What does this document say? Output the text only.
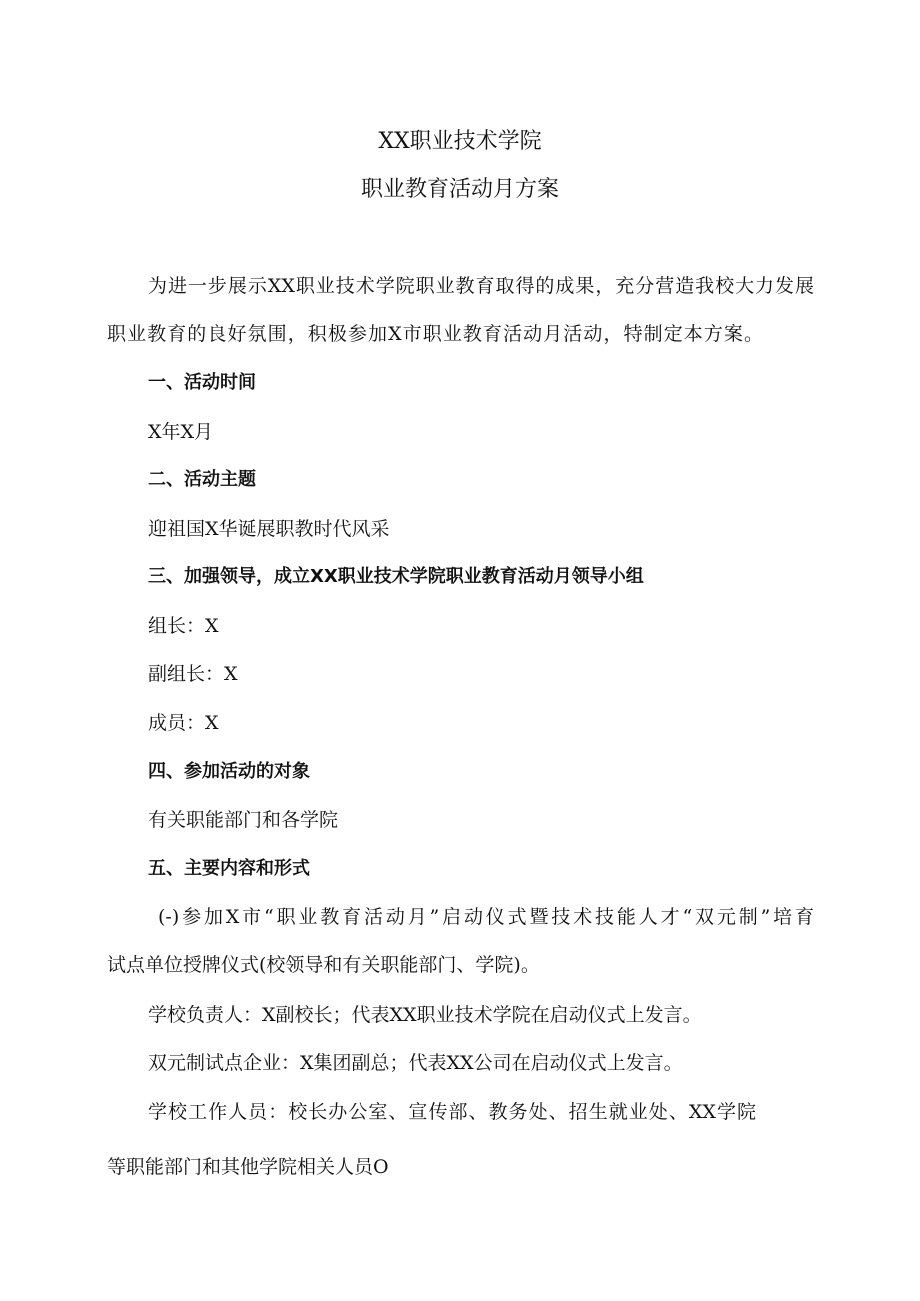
XX职业技术学院
职业教育活动月方案
为进一步展示XX职业技术学院职业教育取得的成果，充分营造我校大力发展
职业教育的良好氛围，积极参加X市职业教育活动月活动，特制定本方案。
一、活动时间
X年X月
二、活动主题
迎祖国X华诞展职教时代风采
三、加强领导，成立XX职业技术学院职业教育活动月领导小组
组长：X
副组长：X
成员：X
四、参加活动的对象
有关职能部门和各学院
五、主要内容和形式
(-)参加X市“职业教育活动月”启动仪式暨技术技能人才“双元制”培育
试点单位授牌仪式(校领导和有关职能部门、学院)。
学校负责人：X副校长；代表XX职业技术学院在启动仪式上发言。
双元制试点企业：X集团副总；代表XX公司在启动仪式上发言。
学校工作人员：校长办公室、宣传部、教务处、招生就业处、XX学院
等职能部门和其他学院相关人员O
